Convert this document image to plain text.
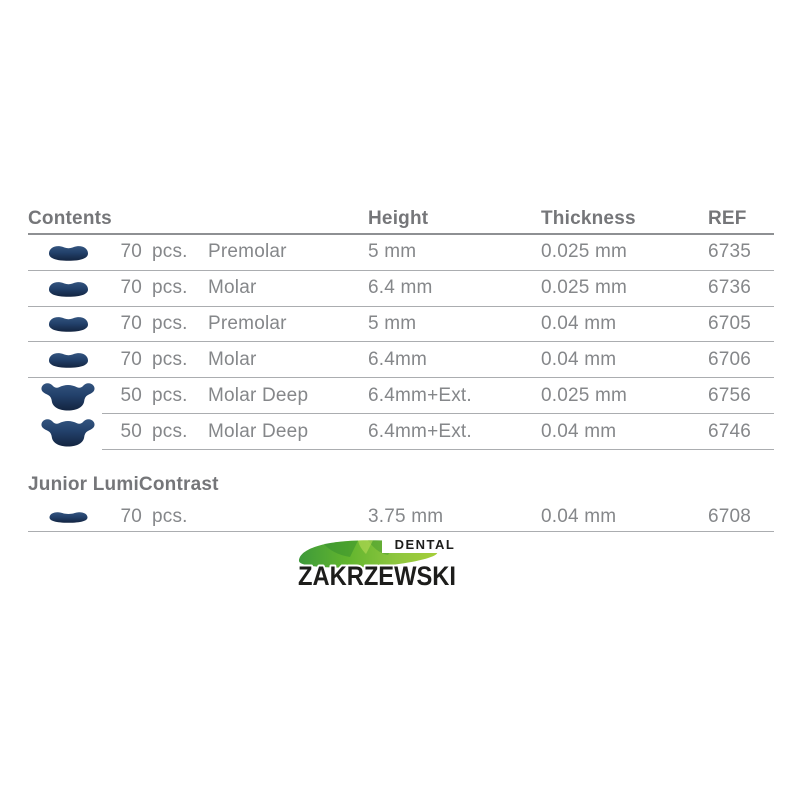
Contents	Height	Thickness	REF
70 pcs. Premolar	5 mm	0.025 mm	6735
70 pcs. Molar	6.4 mm	0.025 mm	6736
70 pcs. Premolar	5 mm	0.04 mm	6705
70 pcs. Molar	6.4mm	0.04 mm	6706
50 pcs. Molar Deep	6.4mm+Ext.	0.025 mm	6756
50 pcs. Molar Deep	6.4mm+Ext.	0.04 mm	6746
Junior LumiContrast
70 pcs.	3.75 mm	0.04 mm	6708
DENTAL
ZAKRZEWSKI
